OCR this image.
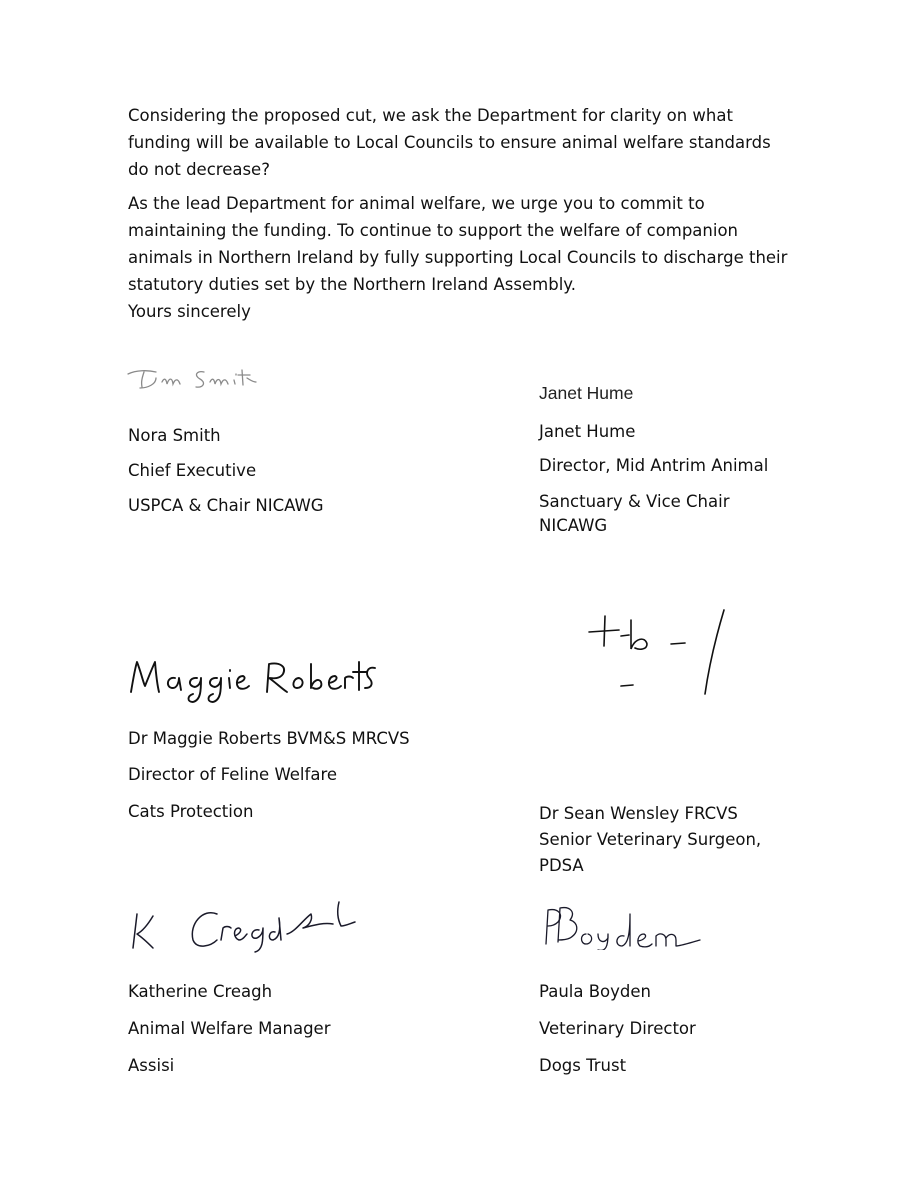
Considering the proposed cut, we ask the Department for clarity on what
funding will be available to Local Councils to ensure animal welfare standards
do not decrease?
As the lead Department for animal welfare, we urge you to commit to
maintaining the funding. To continue to support the welfare of companion
animals in Northern Ireland by fully supporting Local Councils to discharge their
statutory duties set by the Northern Ireland Assembly.

Yours sincerely

Nora Smith

Chief Executive

USPCA & Chair NICAWG

Janet Hume

Janet Hume

Director, Mid Antrim Animal

Sanctuary & Vice Chair

NICAWG

Dr Maggie Roberts BVM&S MRCVS

Director of Feline Welfare

Cats Protection	Dr Sean Wensley FRCVS

Senior Veterinary Surgeon,

PDSA

Katherine Creagh

Animal Welfare Manager

Assisi

Paula Boyden

Veterinary Director

Dogs Trust
